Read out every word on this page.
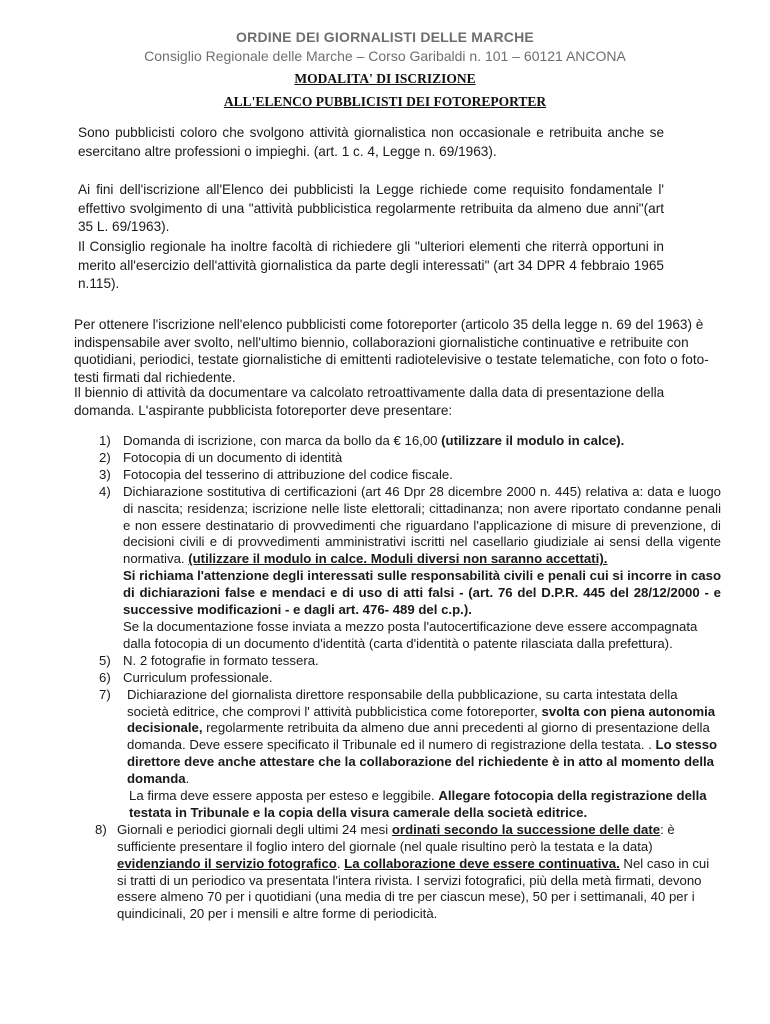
ORDINE DEI GIORNALISTI DELLE MARCHE
Consiglio Regionale delle Marche – Corso Garibaldi n. 101 – 60121 ANCONA
MODALITA' DI ISCRIZIONE
ALL'ELENCO PUBBLICISTI DEI FOTOREPORTER
Sono pubblicisti coloro che svolgono attività giornalistica non occasionale e retribuita anche se esercitano altre professioni o impieghi. (art. 1 c. 4, Legge n. 69/1963).
Ai fini dell'iscrizione all'Elenco dei pubblicisti la Legge richiede come requisito fondamentale l' effettivo svolgimento di una "attività pubblicistica regolarmente retribuita da almeno due anni"(art 35 L. 69/1963).
Il Consiglio regionale ha inoltre facoltà di richiedere gli "ulteriori elementi che riterrà opportuni in merito all'esercizio dell'attività giornalistica da parte degli interessati" (art 34 DPR 4 febbraio 1965 n.115).
Per ottenere l'iscrizione nell'elenco pubblicisti come fotoreporter (articolo 35 della legge n. 69 del 1963) è indispensabile aver svolto, nell'ultimo biennio, collaborazioni giornalistiche continuative e retribuite con quotidiani, periodici, testate giornalistiche di emittenti radiotelevisive o testate telematiche, con foto o foto-testi firmati dal richiedente.
Il biennio di attività da documentare va calcolato retroattivamente dalla data di presentazione della domanda. L'aspirante pubblicista fotoreporter deve presentare:
1) Domanda di iscrizione, con marca da bollo da € 16,00 (utilizzare il modulo in calce).
2) Fotocopia di un documento di identità
3) Fotocopia del tesserino di attribuzione del codice fiscale.
4) Dichiarazione sostitutiva di certificazioni (art 46 Dpr 28 dicembre 2000 n. 445) relativa a: data e luogo di nascita; residenza; iscrizione nelle liste elettorali; cittadinanza; non avere riportato condanne penali e non essere destinatario di provvedimenti che riguardano l'applicazione di misure di prevenzione, di decisioni civili e di provvedimenti amministrativi iscritti nel casellario giudiziale ai sensi della vigente normativa. (utilizzare il modulo in calce. Moduli diversi non saranno accettati).
Si richiama l'attenzione degli interessati sulle responsabilità civili e penali cui si incorre in caso di dichiarazioni false e mendaci e di uso di atti falsi - (art. 76 del D.P.R. 445 del 28/12/2000 - e successive modificazioni - e dagli art. 476- 489 del c.p.).
Se la documentazione fosse inviata a mezzo posta l'autocertificazione deve essere accompagnata dalla fotocopia di un documento d'identità (carta d'identità o patente rilasciata dalla prefettura).
5) N. 2 fotografie in formato tessera.
6) Curriculum professionale.
7)	Dichiarazione del giornalista direttore responsabile della pubblicazione, su carta intestata della società editrice, che comprovi l' attività pubblicistica come fotoreporter, svolta con piena autonomia decisionale, regolarmente retribuita da almeno due anni precedenti al giorno di presentazione della domanda. Deve essere specificato il Tribunale ed il numero di registrazione della testata. . Lo stesso direttore deve anche attestare che la collaborazione del richiedente è in atto al momento della domanda.
La firma deve essere apposta per esteso e leggibile. Allegare fotocopia della registrazione della testata in Tribunale e la copia della visura camerale della società editrice.
8) Giornali e periodici giornali degli ultimi 24 mesi ordinati secondo la successione delle date: è sufficiente presentare il foglio intero del giornale (nel quale risultino però la testata e la data) evidenziando il servizio fotografico. La collaborazione deve essere continuativa. Nel caso in cui si tratti di un periodico va presentata l'intera rivista. I servizi fotografici, più della metà firmati, devono essere almeno 70 per i quotidiani (una media di tre per ciascun mese), 50 per i settimanali, 40 per i quindicinali, 20 per i mensili e altre forme di periodicità.
